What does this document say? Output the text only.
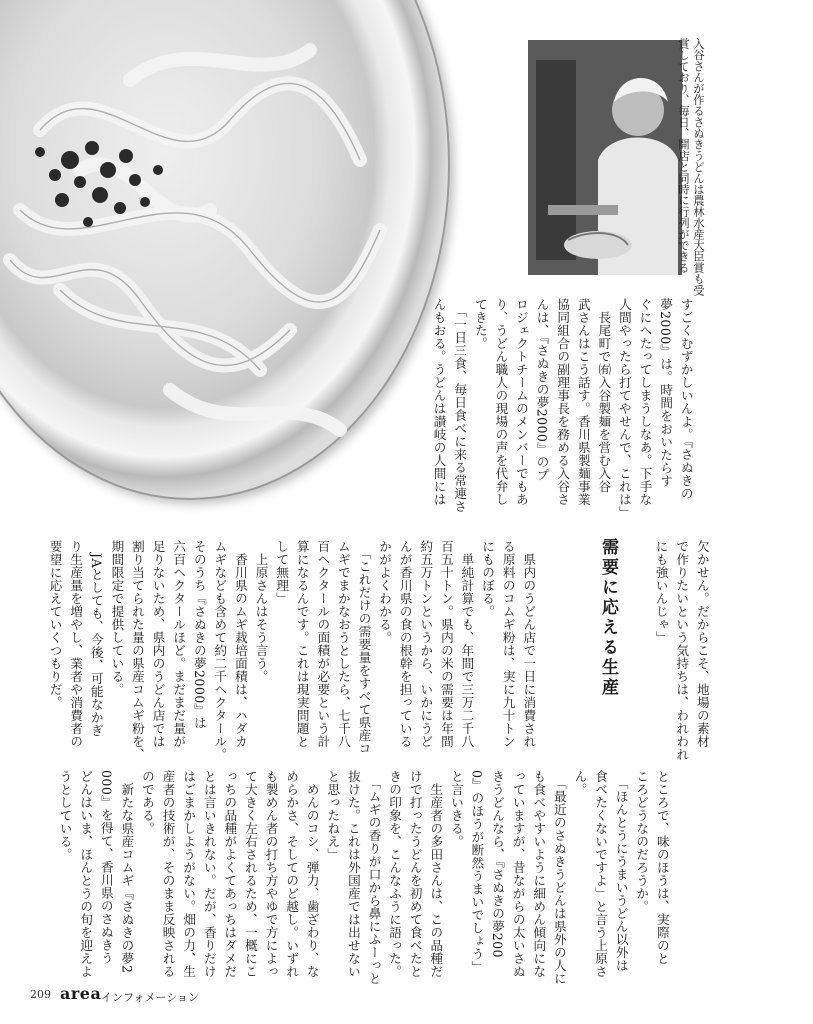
入谷さんが作るさぬきうどんは農林水産大臣賞も受
賞しており、毎日、開店と同時に行列ができる

すごくむずかしいんよ。『さぬきの

夢2000』は。時間をおいたらす

ぐにへたってしまうしなあ。下手な

人間やったら打てやせんで、これは」

　長尾町で㈲入谷製麺を営む入谷

武さんはこう話す。香川県製麺事業

協同組合の副理事長を務める入谷さ

んは、『さぬきの夢2000』のプ

ロジェクトチームのメンバーでもあ

り、うどん職人の現場の声を代弁し

てきた。

　「一日三食、毎日食べに来る常連さ

んもおる。うどんは讃岐の人間には

欠かせん。だからこそ、地場の素材

で作りたいという気持ちは、われわれ

にも強いんじゃ」

需要に応える生産

　県内のうどん店で一日に消費され

る原料のコムギ粉は、実に九十トン

にものぼる。

　単純計算でも、年間で三万二千八

百五十トン。県内の米の需要は年間

約五万トンというから、いかにうど

んが香川県の食の根幹を担っている

かがよくわかる。

　「これだけの需要量をすべて県産コ

ムギでまかなおうとしたら、七千八

百ヘクタールの面積が必要という計

算になるんです。これは現実問題と

して無理」

　上原さんはそう言う。

　香川県のムギ栽培面積は、ハダカ

ムギなども含めて約二千ヘクタール。

そのうち『さぬきの夢2000』は

六百ヘクタールほど。まだまだ量が

足りないため、県内のうどん店では

割り当てられた量の県産コムギ粉を、

期間限定で提供している。

　JAとしても、今後、可能なかぎ

り生産量を増やし、業者や消費者の

要望に応えていくつもりだ。

ところで、味のほうは、実際のと

ころどうなのだろうか。

　「ほんとうにうまいうどん以外は

食べたくないですよ」と言う上原さ

ん。

　「最近のさぬきうどんは県外の人に

も食べやすいように細めん傾向にな

っていますが、昔ながらの太いさぬ

きうどんなら、『さぬきの夢200

0』のほうが断然うまいでしょう」

と言いきる。

　生産者の多田さんは、この品種だ

けで打ったうどんを初めて食べたと

きの印象を、こんなふうに語った。

　「ムギの香りが口から鼻にふーっと

抜けた。これは外国産では出せない

と思ったねえ」

　めんのコシ、弾力、歯ざわり、な

めらかさ、そしてのど越し。いずれ

も製めん者の打ち方やゆで方によっ

て大きく左右されるため、一概にこ

っちの品種がよくてあっちはダメだ

とは言いきれない。だが、香りだけ

はごまかしようがない。畑の力、生

産者の技術が、そのまま反映される

のである。

　新たな県産コムギ『さぬきの夢2

000』を得て、香川県のさぬきう

どんはいま、ほんとうの旬を迎えよ

うとしている。

209 area インフォメーション
